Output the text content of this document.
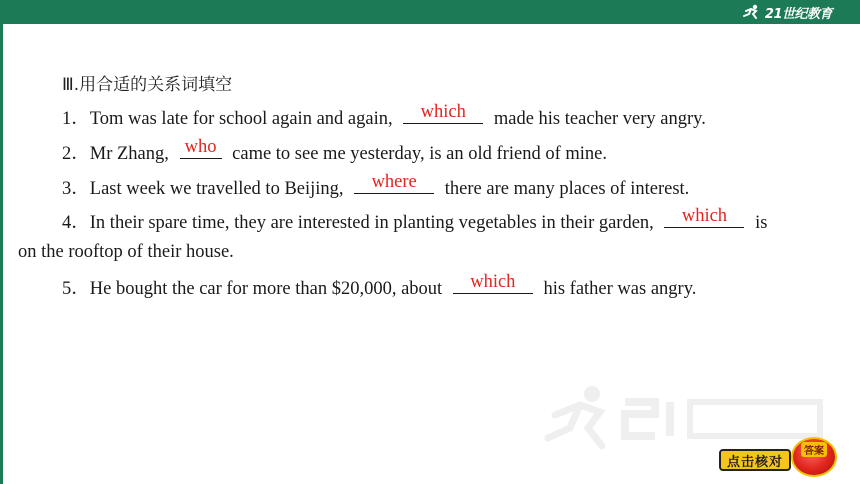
21世纪教育
Ⅲ.用合适的关系词填空
1．Tom was late for school again and again,	which	made his teacher very angry.
2．Mr Zhang, who came to see me yesterday, is an old friend of mine.
3．Last week we travelled to Beijing,	where	there are many places of interest.
4．In their spare time, they are interested in planting vegetables in their garden,	which	is
on the rooftop of their house.
5．He bought the car for more than $20,000, about	which	his father was angry.
点击核对
答案
